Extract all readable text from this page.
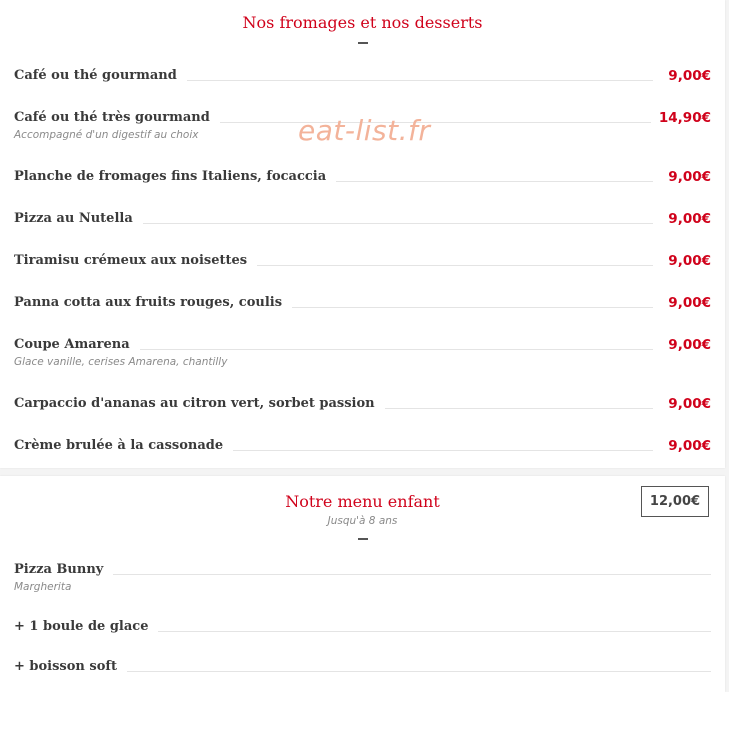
Nos fromages et nos desserts
Café ou thé gourmand	9,00€
Café ou thé très gourmand	14,90€
Accompagné d'un digestif au choix
Planche de fromages fins Italiens, focaccia	9,00€
Pizza au Nutella	9,00€
Tiramisu crémeux aux noisettes	9,00€
Panna cotta aux fruits rouges, coulis	9,00€
Coupe Amarena	9,00€
Glace vanille, cerises Amarena, chantilly
Carpaccio d'ananas au citron vert, sorbet passion	9,00€
Crème brulée à la cassonade	9,00€
eat-list.fr
Notre menu enfant
Jusqu'à 8 ans
12,00€
Pizza Bunny
Margherita
+ 1 boule de glace
+ boisson soft
